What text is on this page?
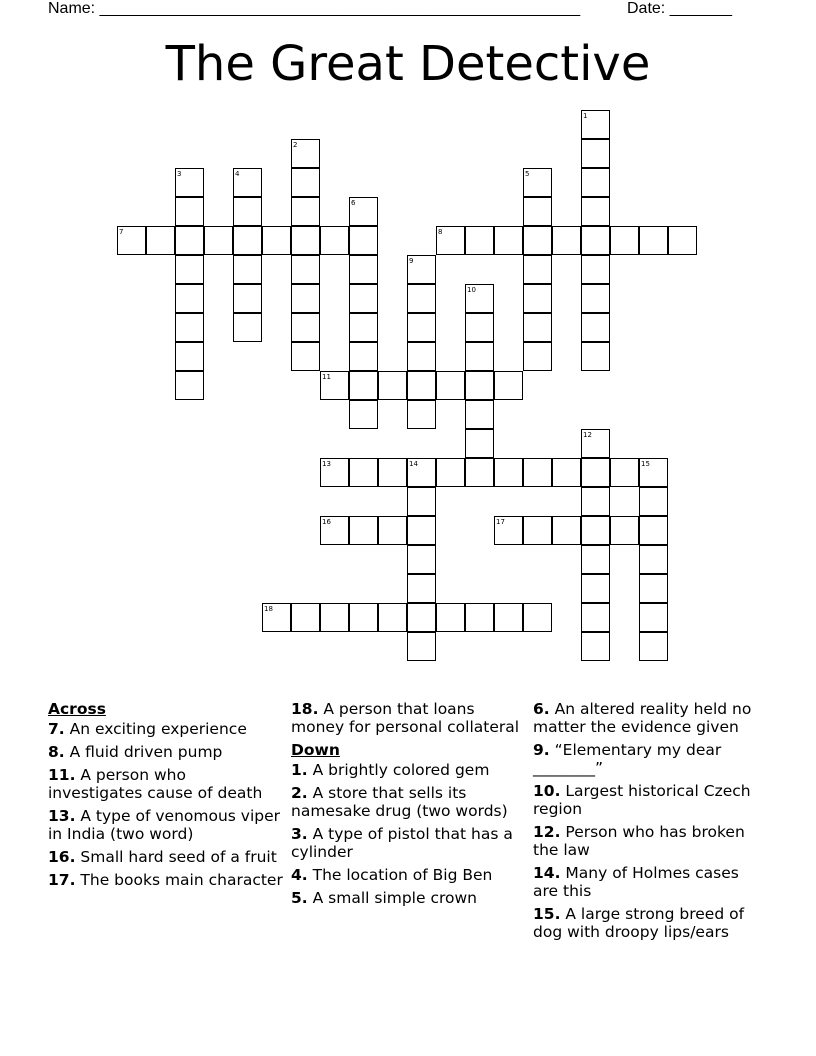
Name: ______________________________________________________	Date: _______
The Great Detective
1
2
3	4	5
6
7	8
9
10
11
12
13	14	15
16	17
18
Across
7. An exciting experience
8. A fluid driven pump
11. A person who investigates cause of death
13. A type of venomous viper in India (two word)
16. Small hard seed of a fruit
17. The books main character
18. A person that loans money for personal collateral
Down
1. A brightly colored gem
2. A store that sells its namesake drug (two words)
3. A type of pistol that has a cylinder
4. The location of Big Ben
5. A small simple crown
6. An altered reality held no matter the evidence given
9. “Elementary my dear ________”
10. Largest historical Czech region
12. Person who has broken the law
14. Many of Holmes cases are this
15. A large strong breed of dog with droopy lips/ears
